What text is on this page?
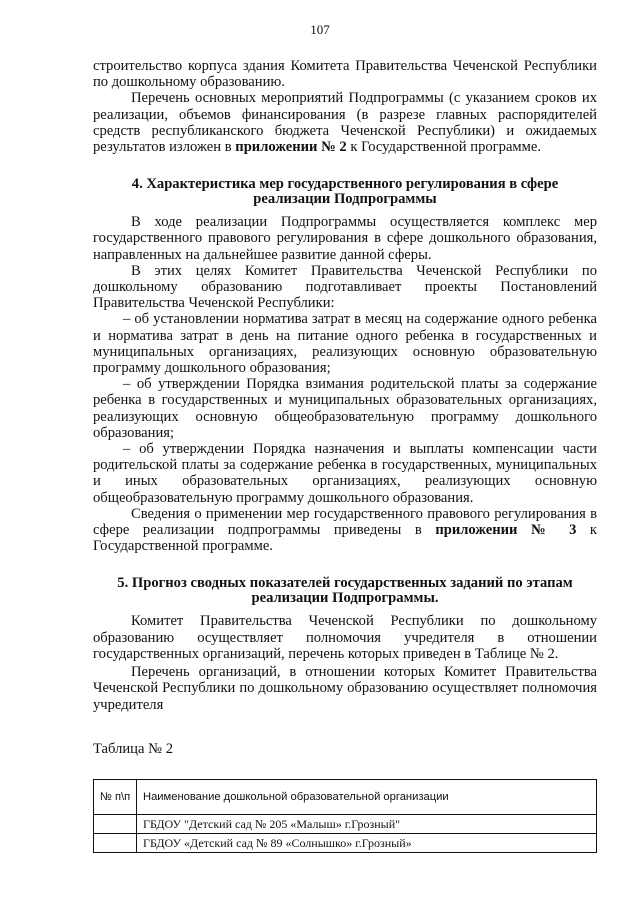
107

строительство корпуса здания Комитета Правительства Чеченской Республики по дошкольному образованию.

Перечень основных мероприятий Подпрограммы (с указанием сроков их реализации, объемов финансирования (в разрезе главных распорядителей средств республиканского бюджета Чеченской Республики) и ожидаемых результатов изложен в приложении № 2 к Государственной программе.

4. Характеристика мер государственного регулирования в сфере
реализации Подпрограммы

В ходе реализации Подпрограммы осуществляется комплекс мер государственного правового регулирования в сфере дошкольного образования, направленных на дальнейшее развитие данной сферы.

В этих целях Комитет Правительства Чеченской Республики по дошкольному образованию подготавливает проекты Постановлений Правительства Чеченской Республики:

– об установлении норматива затрат в месяц на содержание одного ребенка и норматива затрат в день на питание одного ребенка в государственных и муниципальных организациях, реализующих основную образовательную программу дошкольного образования;

– об утверждении Порядка взимания родительской платы за содержание ребенка в государственных и муниципальных образовательных организациях, реализующих основную общеобразовательную программу дошкольного образования;

– об утверждении Порядка назначения и выплаты компенсации части родительской платы за содержание ребенка в государственных, муниципальных и иных образовательных организациях, реализующих основную общеобразовательную программу дошкольного образования.

Сведения о применении мер государственного правового регулирования в сфере реализации подпрограммы приведены в приложении № 3 к Государственной программе.

5. Прогноз сводных показателей государственных заданий по этапам
реализации Подпрограммы.

Комитет Правительства Чеченской Республики по дошкольному образованию осуществляет полномочия учредителя в отношении государственных организаций, перечень которых приведен в Таблице № 2.

Перечень организаций, в отношении которых Комитет Правительства Чеченской Республики по дошкольному образованию осуществляет полномочия учредителя

Таблица № 2

№ п\п	Наименование дошкольной образовательной организации
	ГБДОУ "Детский сад № 205 «Малыш» г.Грозный"
	ГБДОУ «Детский сад № 89 «Солнышко» г.Грозный»
